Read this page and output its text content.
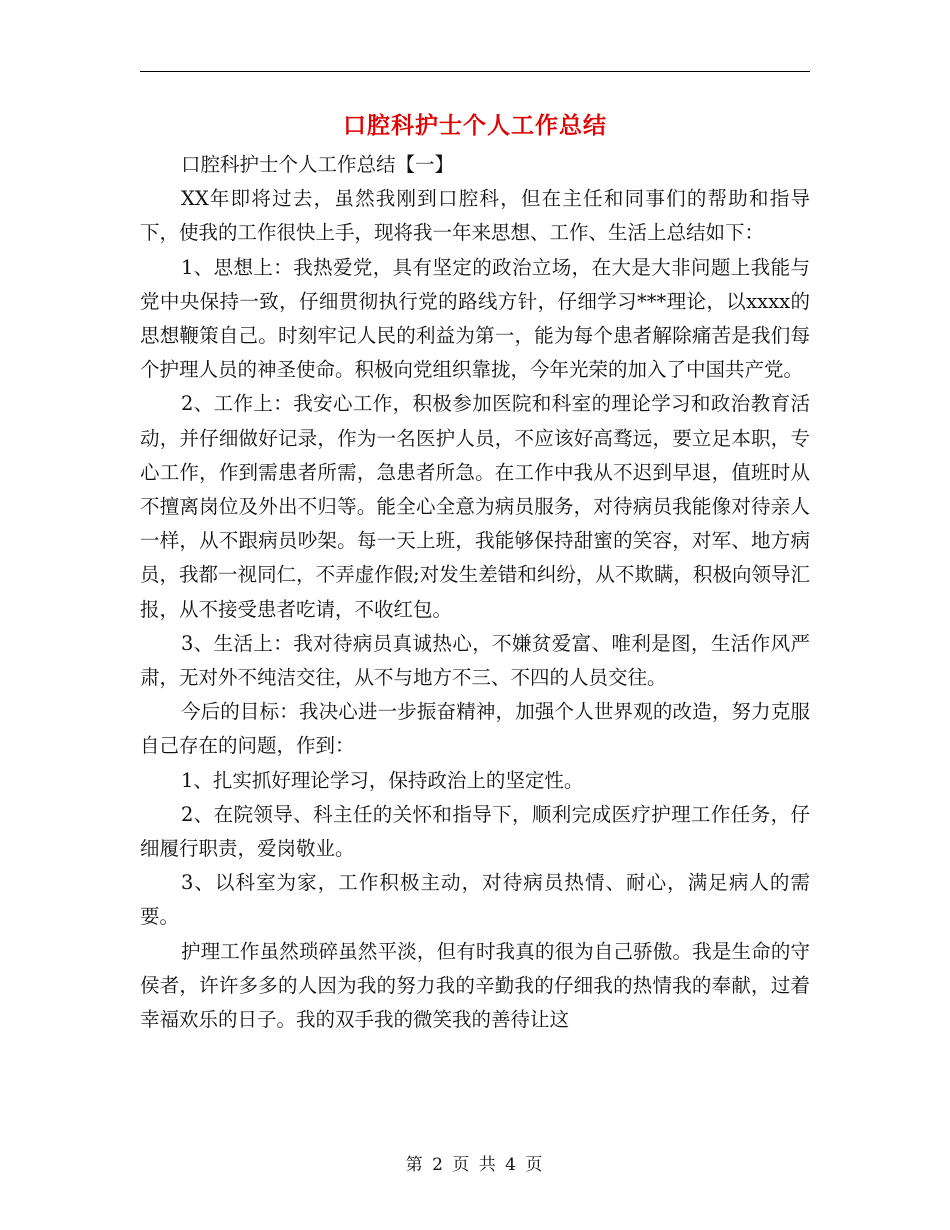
口腔科护士个人工作总结

口腔科护士个人工作总结【一】

XX年即将过去，虽然我刚到口腔科，但在主任和同事们的帮助和指导下，使我的工作很快上手，现将我一年来思想、工作、生活上总结如下：

1、思想上：我热爱党，具有坚定的政治立场，在大是大非问题上我能与党中央保持一致，仔细贯彻执行党的路线方针，仔细学习***理论，以xxxx的思想鞭策自己。时刻牢记人民的利益为第一，能为每个患者解除痛苦是我们每个护理人员的神圣使命。积极向党组织靠拢，今年光荣的加入了中国共产党。

2、工作上：我安心工作，积极参加医院和科室的理论学习和政治教育活动，并仔细做好记录，作为一名医护人员，不应该好高骛远，要立足本职，专心工作，作到需患者所需，急患者所急。在工作中我从不迟到早退，值班时从不擅离岗位及外出不归等。能全心全意为病员服务，对待病员我能像对待亲人一样，从不跟病员吵架。每一天上班，我能够保持甜蜜的笑容，对军、地方病员，我都一视同仁，不弄虚作假;对发生差错和纠纷，从不欺瞒，积极向领导汇报，从不接受患者吃请，不收红包。

3、生活上：我对待病员真诚热心，不嫌贫爱富、唯利是图，生活作风严肃，无对外不纯洁交往，从不与地方不三、不四的人员交往。

今后的目标：我决心进一步振奋精神，加强个人世界观的改造，努力克服自己存在的问题，作到：

1、扎实抓好理论学习，保持政治上的坚定性。

2、在院领导、科主任的关怀和指导下，顺利完成医疗护理工作任务，仔细履行职责，爱岗敬业。

3、以科室为家，工作积极主动，对待病员热情、耐心，满足病人的需要。

护理工作虽然琐碎虽然平淡，但有时我真的很为自己骄傲。我是生命的守侯者，许许多多的人因为我的努力我的辛勤我的仔细我的热情我的奉献，过着幸福欢乐的日子。我的双手我的微笑我的善待让这

第 2 页 共 4 页
